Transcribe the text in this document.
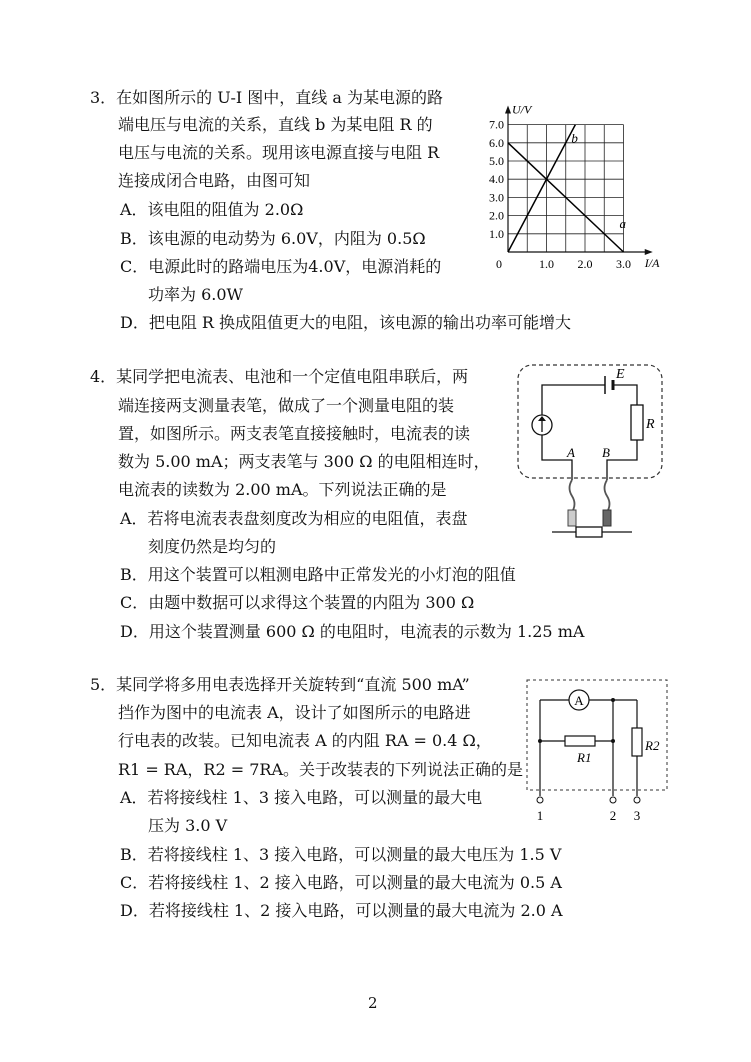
3．在如图所示的 U-I 图中，直线 a 为某电源的路
端电压与电流的关系，直线 b 为某电阻 R 的
电压与电流的关系。现用该电源直接与电阻 R
连接成闭合电路，由图可知
A．该电阻的阻值为 2.0Ω
B．该电源的电动势为 6.0V，内阻为 0.5Ω
C．电源此时的路端电压为4.0V，电源消耗的
功率为 6.0W
D．把电阻 R 换成阻值更大的电阻，该电源的输出功率可能增大
U/V
I/A
0
1.0
2.0
3.0
4.0
5.0
6.0
7.0
1.0 2.0 3.0
a
b
4．某同学把电流表、电池和一个定值电阻串联后，两
端连接两支测量表笔，做成了一个测量电阻的装
置，如图所示。两支表笔直接接触时，电流表的读
数为 5.00 mA；两支表笔与 300 Ω 的电阻相连时，
电流表的读数为 2.00 mA。下列说法正确的是
A．若将电流表表盘刻度改为相应的电阻值，表盘
刻度仍然是均匀的
B．用这个装置可以粗测电路中正常发光的小灯泡的阻值
C．由题中数据可以求得这个装置的内阻为 300 Ω
D．用这个装置测量 600 Ω 的电阻时，电流表的示数为 1.25 mA
E
R
A B
5．某同学将多用电表选择开关旋转到“直流 500 mA”
挡作为图中的电流表 A，设计了如图所示的电路进
行电表的改装。已知电流表 A 的内阻 RA = 0.4 Ω，
R1 = RA，R2 = 7RA。关于改装表的下列说法正确的是
A．若将接线柱 1、3 接入电路，可以测量的最大电
压为 3.0 V
B．若将接线柱 1、3 接入电路，可以测量的最大电压为 1.5 V
C．若将接线柱 1、2 接入电路，可以测量的最大电流为 0.5 A
D．若将接线柱 1、2 接入电路，可以测量的最大电流为 2.0 A
A
R1
R2
1	2 3
2
